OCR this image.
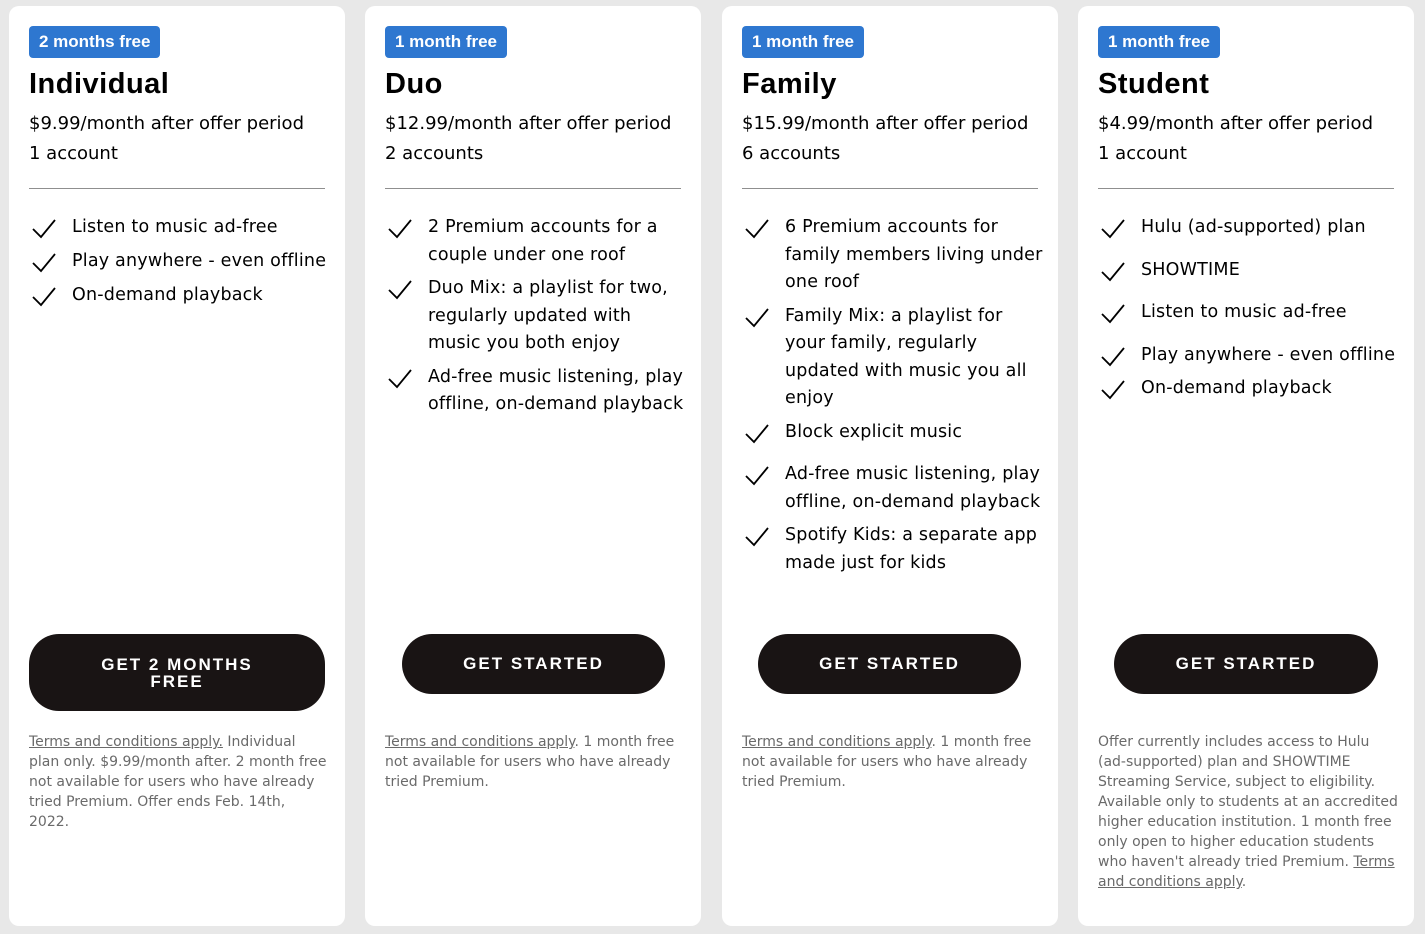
2 months free
Individual
$9.99/month after offer period
1 account
Listen to music ad-free
Play anywhere - even offline
On-demand playback
GET 2 MONTHS FREE

Terms and conditions apply. Individual plan only. $9.99/month after. 2 month free not available for users who have already tried Premium. Offer ends Feb. 14th, 2022.

1 month free
Duo
$12.99/month after offer period
2 accounts
2 Premium accounts for a couple under one roof
Duo Mix: a playlist for two, regularly updated with music you both enjoy
Ad-free music listening, play offline, on-demand playback
GET STARTED

Terms and conditions apply. 1 month free not available for users who have already tried Premium.

1 month free
Family
$15.99/month after offer period
6 accounts
6 Premium accounts for family members living under one roof
Family Mix: a playlist for your family, regularly updated with music you all enjoy
Block explicit music
Ad-free music listening, play offline, on-demand playback
Spotify Kids: a separate app made just for kids
GET STARTED

Terms and conditions apply. 1 month free not available for users who have already tried Premium.

1 month free
Student
$4.99/month after offer period
1 account
Hulu (ad-supported) plan
SHOWTIME
Listen to music ad-free
Play anywhere - even offline
On-demand playback
GET STARTED

Offer currently includes access to Hulu (ad-supported) plan and SHOWTIME Streaming Service, subject to eligibility. Available only to students at an accredited higher education institution. 1 month free only open to higher education students who haven't already tried Premium. Terms and conditions apply.
